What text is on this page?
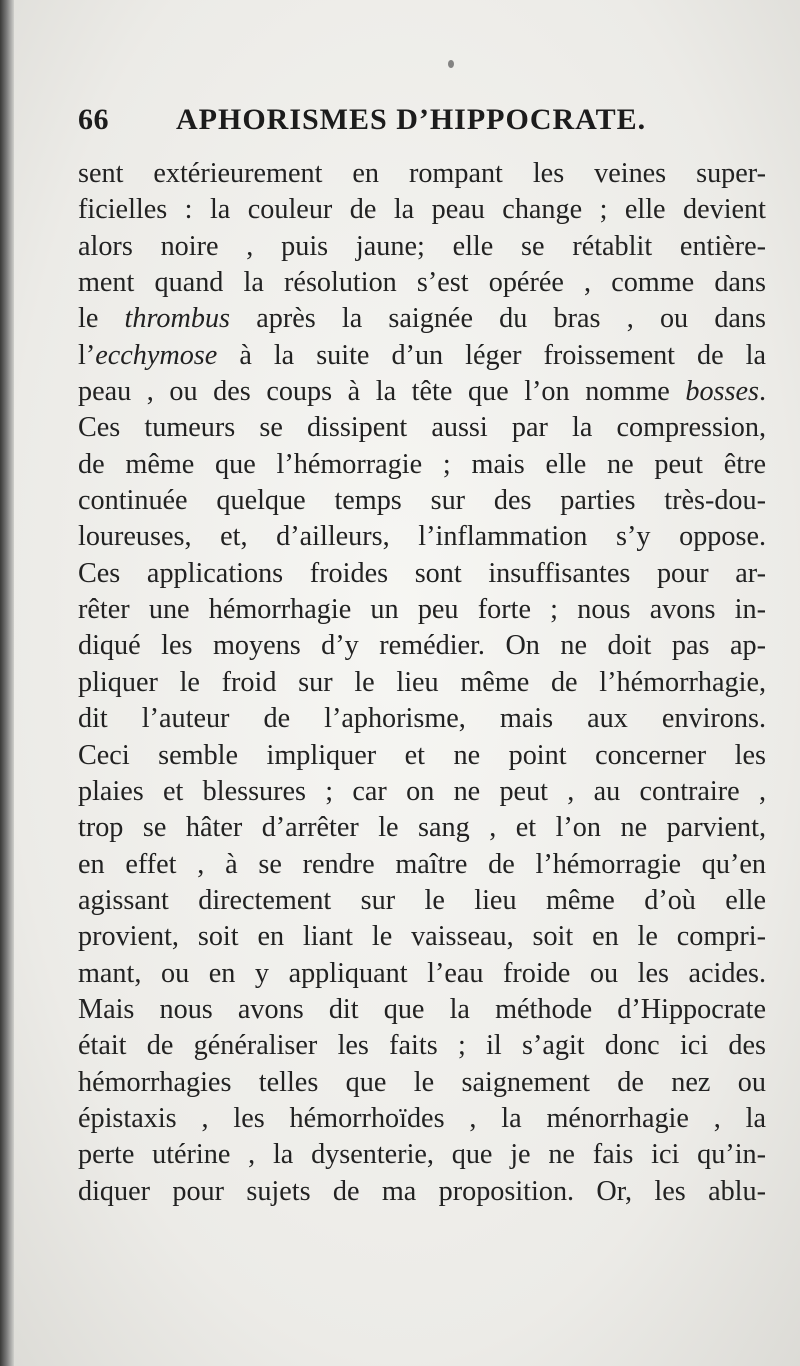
66 APHORISMES D’HIPPOCRATE.
sent extérieurement en rompant les veines super-
ficielles : la couleur de la peau change ; elle devient
alors noire , puis jaune; elle se rétablit entière-
ment quand la résolution s’est opérée , comme dans
le thrombus après la saignée du bras , ou dans
l’ecchymose à la suite d’un léger froissement de la
peau , ou des coups à la tête que l’on nomme bosses.
Ces tumeurs se dissipent aussi par la compression,
de même que l’hémorragie ; mais elle ne peut être
continuée quelque temps sur des parties très-dou-
loureuses, et, d’ailleurs, l’inflammation s’y oppose.
Ces applications froides sont insuffisantes pour ar-
rêter une hémorrhagie un peu forte ; nous avons in-
diqué les moyens d’y remédier. On ne doit pas ap-
pliquer le froid sur le lieu même de l’hémorrhagie,
dit l’auteur de l’aphorisme, mais aux environs.
Ceci semble impliquer et ne point concerner les
plaies et blessures ; car on ne peut , au contraire ,
trop se hâter d’arrêter le sang , et l’on ne parvient,
en effet , à se rendre maître de l’hémorragie qu’en
agissant directement sur le lieu même d’où elle
provient, soit en liant le vaisseau, soit en le compri-
mant, ou en y appliquant l’eau froide ou les acides.
Mais nous avons dit que la méthode d’Hippocrate
était de généraliser les faits ; il s’agit donc ici des
hémorrhagies telles que le saignement de nez ou
épistaxis , les hémorrhoïdes , la ménorrhagie , la
perte utérine , la dysenterie, que je ne fais ici qu’in-
diquer pour sujets de ma proposition. Or, les ablu-
